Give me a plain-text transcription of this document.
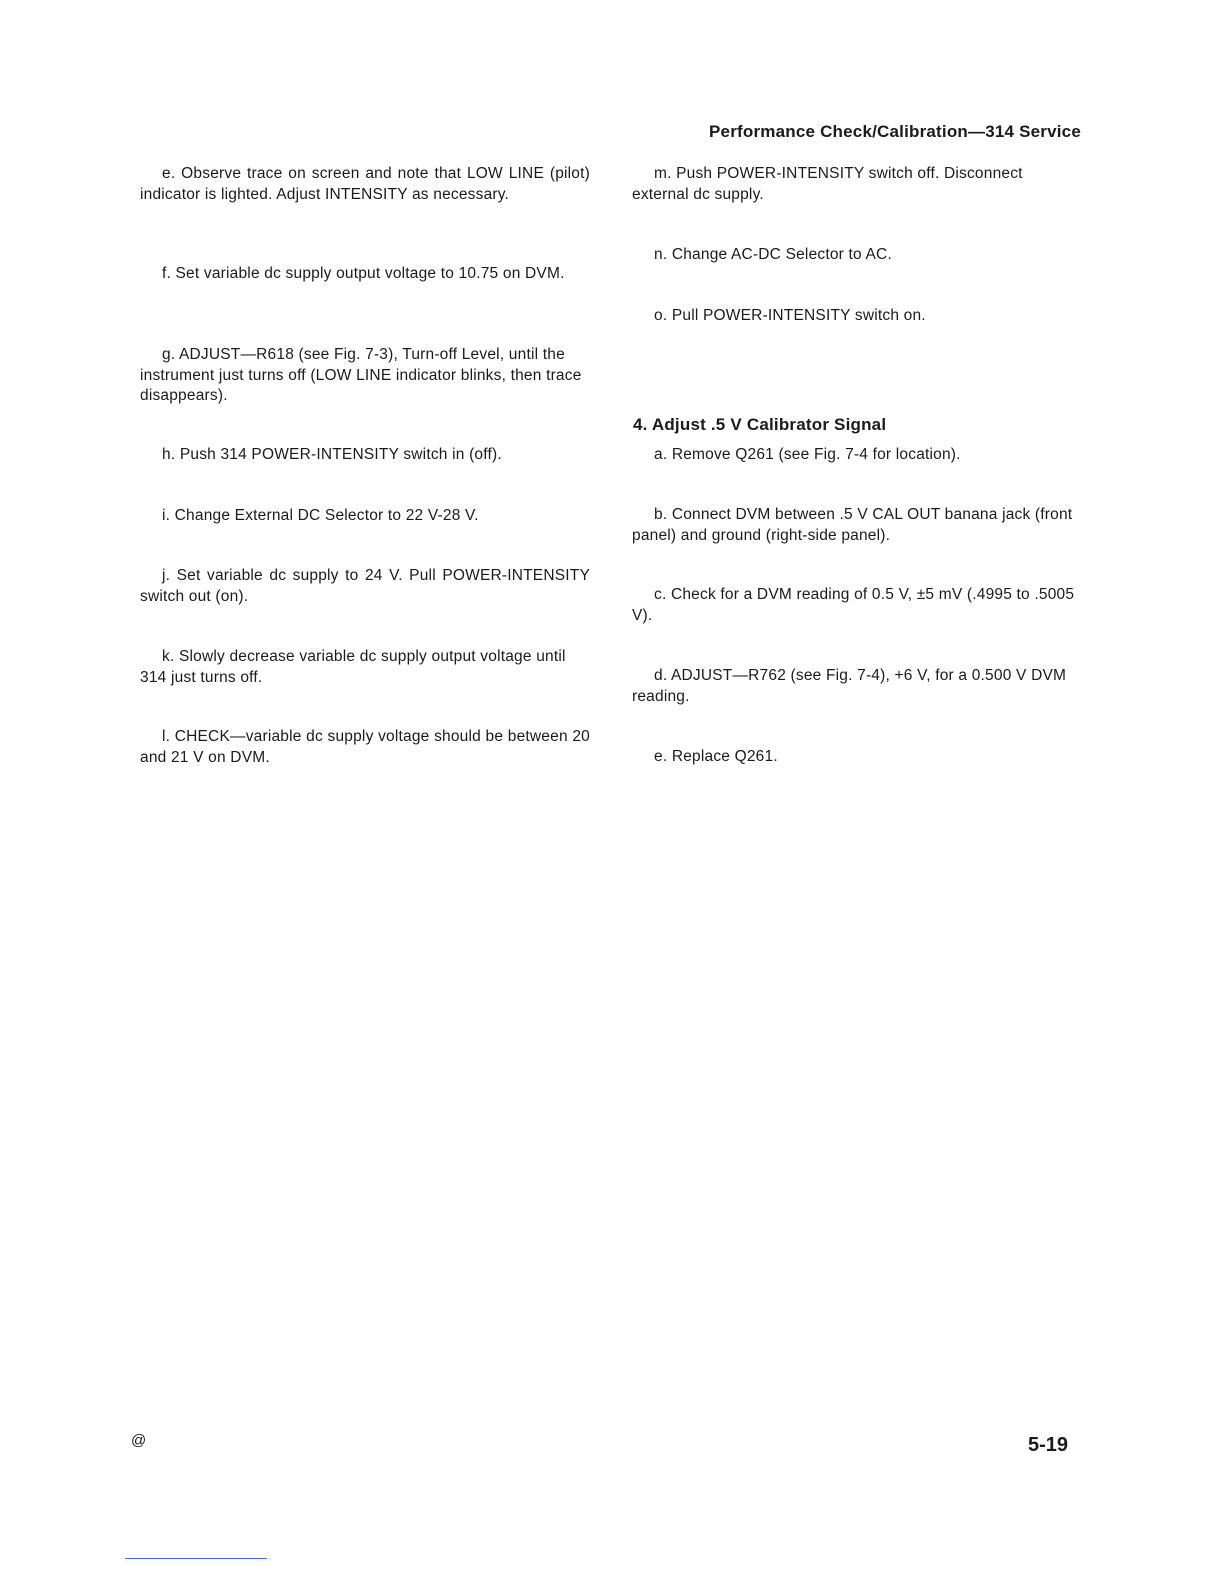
Performance Check/Calibration—314 Service

e. Observe trace on screen and note that LOW LINE (pilot) indicator is lighted. Adjust INTENSITY as necessary.

f. Set variable dc supply output voltage to 10.75 on DVM.

g. ADJUST—R618 (see Fig. 7-3), Turn-off Level, until the instrument just turns off (LOW LINE indicator blinks, then trace disappears).

h. Push 314 POWER-INTENSITY switch in (off).

i. Change External DC Selector to 22 V-28 V.

j. Set variable dc supply to 24 V. Pull POWER-INTENSITY switch out (on).

k. Slowly decrease variable dc supply output voltage until 314 just turns off.

l. CHECK—variable dc supply voltage should be between 20 and 21 V on DVM.

m. Push POWER-INTENSITY switch off. Disconnect external dc supply.

n. Change AC-DC Selector to AC.

o. Pull POWER-INTENSITY switch on.

4. Adjust .5 V Calibrator Signal

a. Remove Q261 (see Fig. 7-4 for location).

b. Connect DVM between .5 V CAL OUT banana jack (front panel) and ground (right-side panel).

c. Check for a DVM reading of 0.5 V, ±5 mV (.4995 to .5005 V).

d. ADJUST—R762 (see Fig. 7-4), +6 V, for a 0.500 V DVM reading.

e. Replace Q261.

@	5-19
